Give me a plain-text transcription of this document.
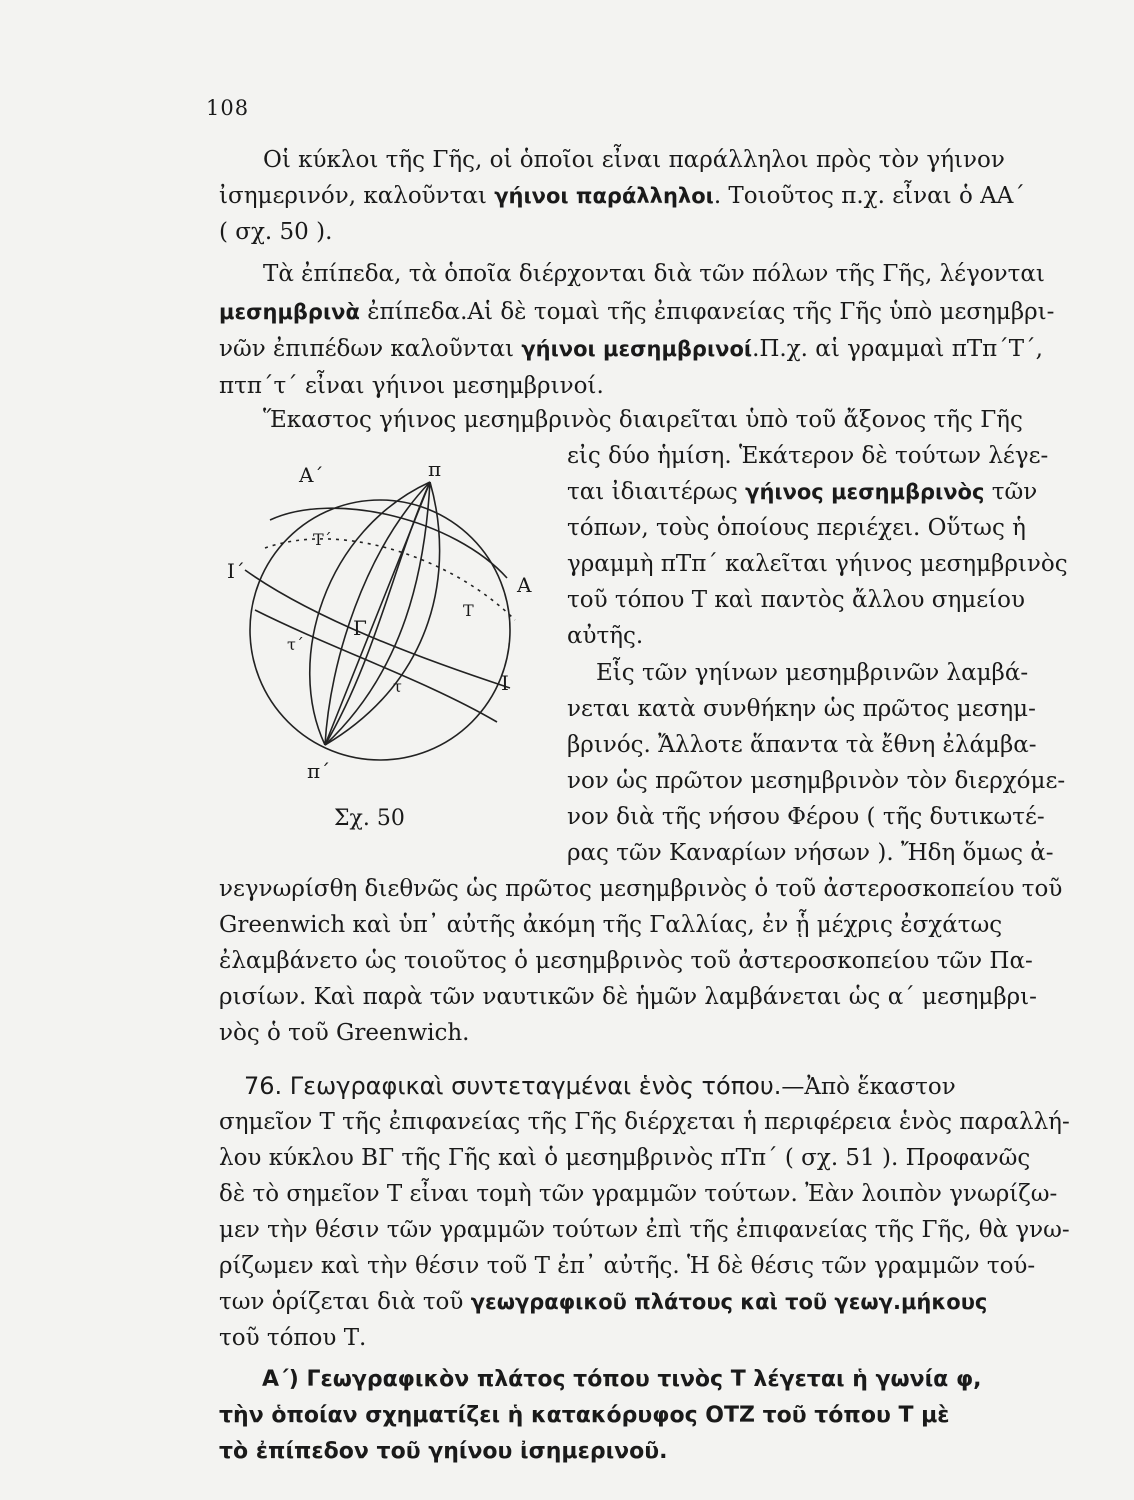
108
Οἱ κύκλοι τῆς Γῆς, οἱ ὁποῖοι εἶναι παράλληλοι πρὸς τὸν γήινον
ἰσημερινόν, καλοῦνται γήινοι παράλληλοι. Τοιοῦτος π.χ. εἶναι ὁ ΑΑ΄
( σχ. 50 ).
Τὰ ἐπίπεδα, τὰ ὁποῖα διέρχονται διὰ τῶν πόλων τῆς Γῆς, λέγονται
μεσημβρινὰ ἐπίπεδα.Αἱ δὲ τομαὶ τῆς ἐπιφανείας τῆς Γῆς ὑπὸ μεσημβρι-
νῶν ἐπιπέδων καλοῦνται γήινοι μεσημβρινοί.Π.χ. αἱ γραμμαὶ πΤπ΄Τ΄,
πτπ΄τ΄ εἶναι γήινοι μεσημβρινοί.
Ἕκαστος γήινος μεσημβρινὸς διαιρεῖται ὑπὸ τοῦ ἄξονος τῆς Γῆς
εἰς δύο ἡμίση. Ἑκάτερον δὲ τούτων λέγε-
ται ἰδιαιτέρως γήινος μεσημβρινὸς τῶν
τόπων, τοὺς ὁποίους περιέχει. Οὕτως ἡ
γραμμὴ πΤπ΄ καλεῖται γήινος μεσημβρινὸς
τοῦ τόπου Τ καὶ παντὸς ἄλλου σημείου
αὐτῆς.
Εἷς τῶν γηίνων μεσημβρινῶν λαμβά-
νεται κατὰ συνθήκην ὡς πρῶτος μεσημ-
βρινός. Ἄλλοτε ἅπαντα τὰ ἔθνη ἐλάμβα-
νον ὡς πρῶτον μεσημβρινὸν τὸν διερχόμε-
νον διὰ τῆς νήσου Φέρου ( τῆς δυτικωτέ-
ρας τῶν Καναρίων νήσων ). Ἤδη ὅμως ἀ-
νεγνωρίσθη διεθνῶς ὡς πρῶτος μεσημβρινὸς ὁ τοῦ ἀστεροσκοπείου τοῦ
Greenwich καὶ ὑπ᾿ αὐτῆς ἀκόμη τῆς Γαλλίας, ἐν ᾗ μέχρις ἐσχάτως
ἐλαμβάνετο ὡς τοιοῦτος ὁ μεσημβρινὸς τοῦ ἀστεροσκοπείου τῶν Πα-
ρισίων. Καὶ παρὰ τῶν ναυτικῶν δὲ ἡμῶν λαμβάνεται ὡς α΄ μεσημβρι-
νὸς ὁ τοῦ Greenwich.
76. Γεωγραφικαὶ συντεταγμέναι ἑνὸς τόπου.—Ἀπὸ ἕκαστον
σημεῖον Τ τῆς ἐπιφανείας τῆς Γῆς διέρχεται ἡ περιφέρεια ἑνὸς παραλλή-
λου κύκλου ΒΓ τῆς Γῆς καὶ ὁ μεσημβρινὸς πΤπ΄ ( σχ. 51 ). Προφανῶς
δὲ τὸ σημεῖον Τ εἶναι τομὴ τῶν γραμμῶν τούτων. Ἐὰν λοιπὸν γνωρίζω-
μεν τὴν θέσιν τῶν γραμμῶν τούτων ἐπὶ τῆς ἐπιφανείας τῆς Γῆς, θὰ γνω-
ρίζωμεν καὶ τὴν θέσιν τοῦ Τ ἐπ᾿ αὐτῆς. Ἡ δὲ θέσις τῶν γραμμῶν τού-
των ὁρίζεται διὰ τοῦ γεωγραφικοῦ πλάτους καὶ τοῦ γεωγ.μήκους
τοῦ τόπου Τ.
Α΄) Γεωγραφικὸν πλάτος τόπου τινὸς Τ λέγεται ἡ γωνία φ,
τὴν ὁποίαν σχηματίζει ἡ κατακόρυφος ΟΤΖ τοῦ τόπου Τ μὲ
τὸ ἐπίπεδον τοῦ γηίνου ἰσημερινοῦ.
Α΄	π
Τ΄
Ι΄
Α
Τ
Γ
τ΄
τ	Ι
π΄
Σχ. 50
